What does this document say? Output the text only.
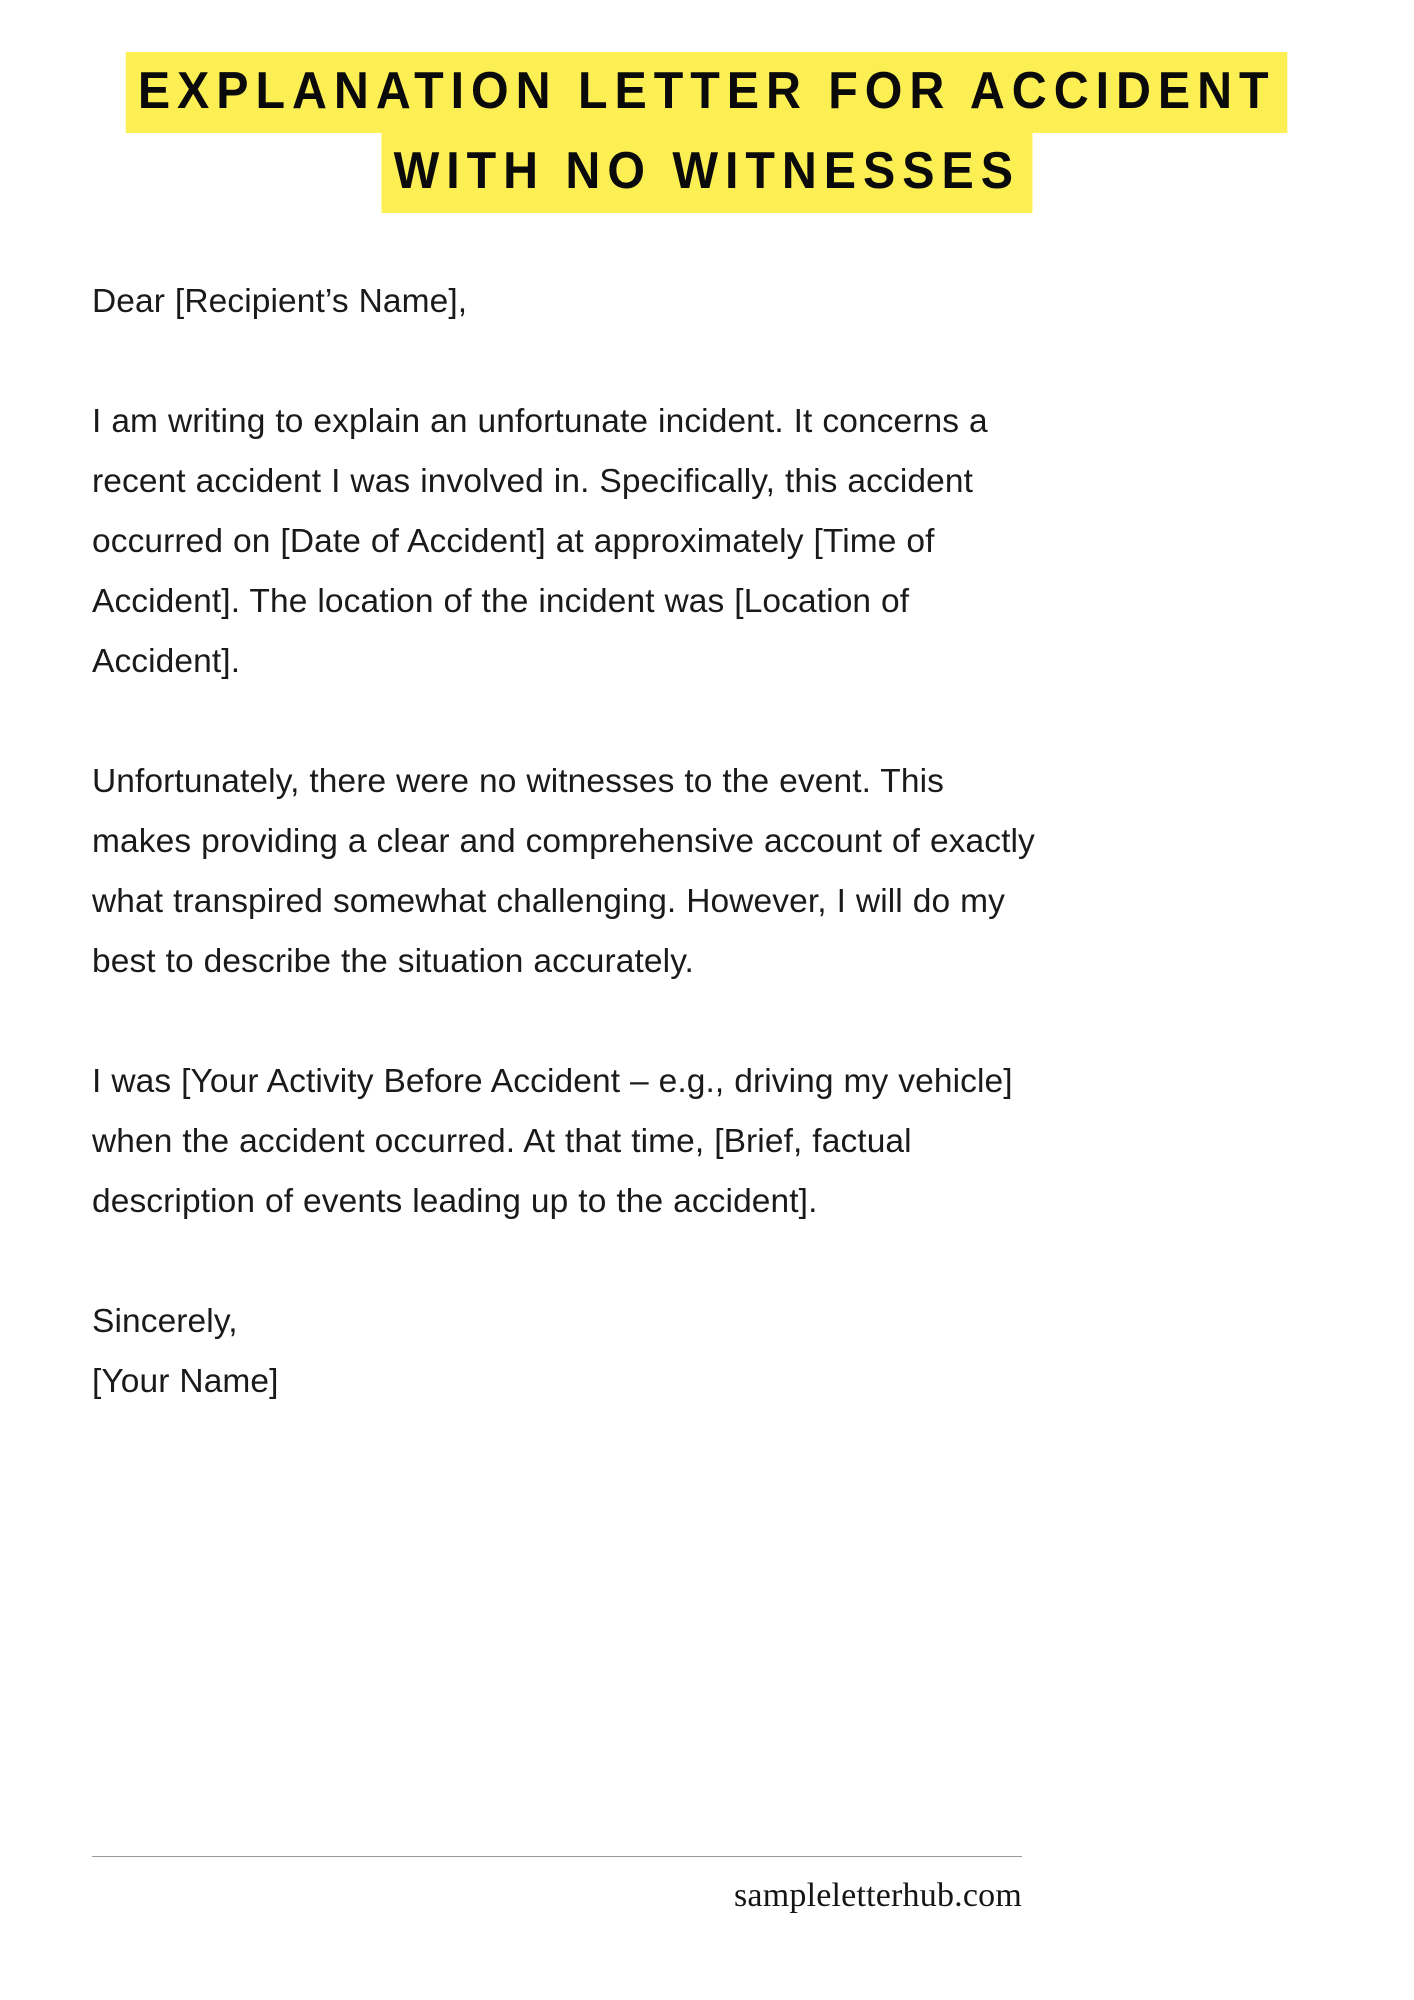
EXPLANATION LETTER FOR ACCIDENT
WITH NO WITNESSES

Dear [Recipient’s Name],

I am writing to explain an unfortunate incident. It concerns a recent accident I was involved in. Specifically, this accident occurred on [Date of Accident] at approximately [Time of Accident]. The location of the incident was [Location of Accident].

Unfortunately, there were no witnesses to the event. This makes providing a clear and comprehensive account of exactly what transpired somewhat challenging. However, I will do my best to describe the situation accurately.

I was [Your Activity Before Accident – e.g., driving my vehicle] when the accident occurred. At that time, [Brief, factual description of events leading up to the accident].

Sincerely,

[Your Name]

sampleletterhub.com
